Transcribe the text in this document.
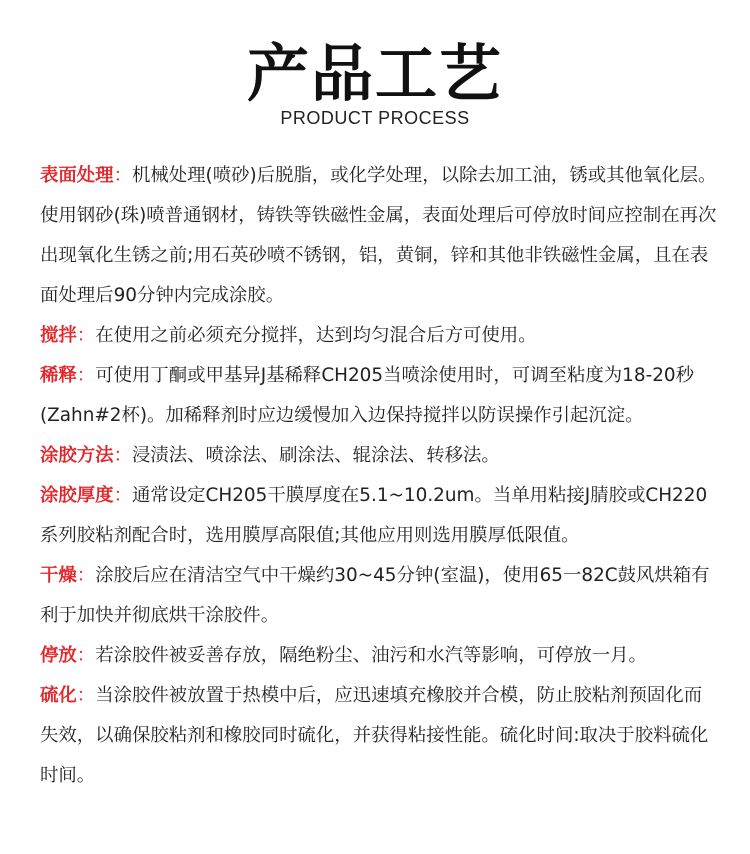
产品工艺
PRODUCT PROCESS

表面处理：机械处理(喷砂)后脱脂，或化学处理，以除去加工油，锈或其他氧化层。使用钢砂(珠)喷普通钢材，铸铁等铁磁性金属，表面处理后可停放时间应控制在再次出现氧化生锈之前;用石英砂喷不锈钢，铝，黄铜，锌和其他非铁磁性金属，且在表面处理后90分钟内完成涂胶。

搅拌：在使用之前必须充分搅拌，达到均匀混合后方可使用。

稀释：可使用丁酮或甲基异J基稀释CH205当喷涂使用时，可调至粘度为18-20秒(Zahn#2杯)。加稀释剂时应边缓慢加入边保持搅拌以防误操作引起沉淀。

涂胶方法：浸渍法、喷涂法、刷涂法、辊涂法、转移法。

涂胶厚度：通常设定CH205干膜厚度在5.1~10.2um。当单用粘接J腈胶或CH220系列胶粘剂配合时，选用膜厚高限值;其他应用则选用膜厚低限值。

干燥：涂胶后应在清洁空气中干燥约30~45分钟(室温)，使用65一82C鼓风烘箱有利于加快并彻底烘干涂胶件。

停放：若涂胶件被妥善存放，隔绝粉尘、油污和水汽等影响，可停放一月。

硫化：当涂胶件被放置于热模中后，应迅速填充橡胶并合模，防止胶粘剂预固化而失效，以确保胶粘剂和橡胶同时硫化，并获得粘接性能。硫化时间:取决于胶料硫化时间。
